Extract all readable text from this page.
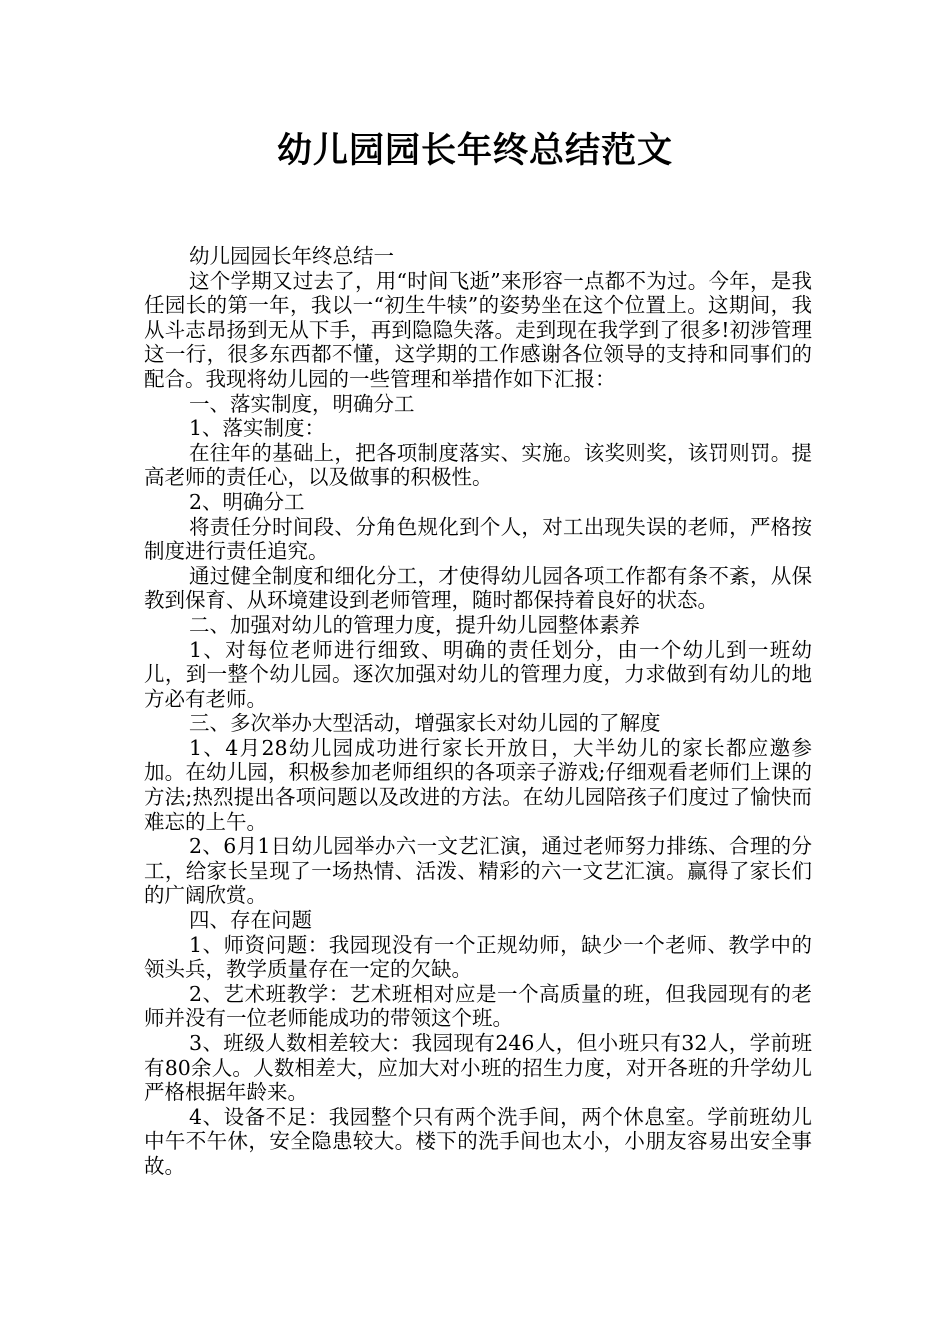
幼儿园园长年终总结范文

幼儿园园长年终总结一

这个学期又过去了，用“时间飞逝”来形容一点都不为过。今年，是我任园长的第一年，我以一“初生牛犊”的姿势坐在这个位置上。这期间，我从斗志昂扬到无从下手，再到隐隐失落。走到现在我学到了很多!初涉管理这一行，很多东西都不懂，这学期的工作感谢各位领导的支持和同事们的配合。我现将幼儿园的一些管理和举措作如下汇报：

一、落实制度，明确分工

1、落实制度：

在往年的基础上，把各项制度落实、实施。该奖则奖，该罚则罚。提高老师的责任心，以及做事的积极性。

2、明确分工

将责任分时间段、分角色规化到个人，对工出现失误的老师，严格按制度进行责任追究。

通过健全制度和细化分工，才使得幼儿园各项工作都有条不紊，从保教到保育、从环境建设到老师管理，随时都保持着良好的状态。

二、加强对幼儿的管理力度，提升幼儿园整体素养

1、对每位老师进行细致、明确的责任划分，由一个幼儿到一班幼儿，到一整个幼儿园。逐次加强对幼儿的管理力度，力求做到有幼儿的地方必有老师。

三、多次举办大型活动，增强家长对幼儿园的了解度

1、4月28幼儿园成功进行家长开放日，大半幼儿的家长都应邀参加。在幼儿园，积极参加老师组织的各项亲子游戏;仔细观看老师们上课的方法;热烈提出各项问题以及改进的方法。在幼儿园陪孩子们度过了愉快而难忘的上午。

2、6月1日幼儿园举办六一文艺汇演，通过老师努力排练、合理的分工，给家长呈现了一场热情、活泼、精彩的六一文艺汇演。赢得了家长们的广阔欣赏。

四、存在问题

1、师资问题：我园现没有一个正规幼师，缺少一个老师、教学中的领头兵，教学质量存在一定的欠缺。

2、艺术班教学：艺术班相对应是一个高质量的班，但我园现有的老师并没有一位老师能成功的带领这个班。

3、班级人数相差较大：我园现有246人，但小班只有32人，学前班有80余人。人数相差大，应加大对小班的招生力度，对开各班的升学幼儿严格根据年龄来。

4、设备不足：我园整个只有两个洗手间，两个休息室。学前班幼儿中午不午休，安全隐患较大。楼下的洗手间也太小，小朋友容易出安全事故。
